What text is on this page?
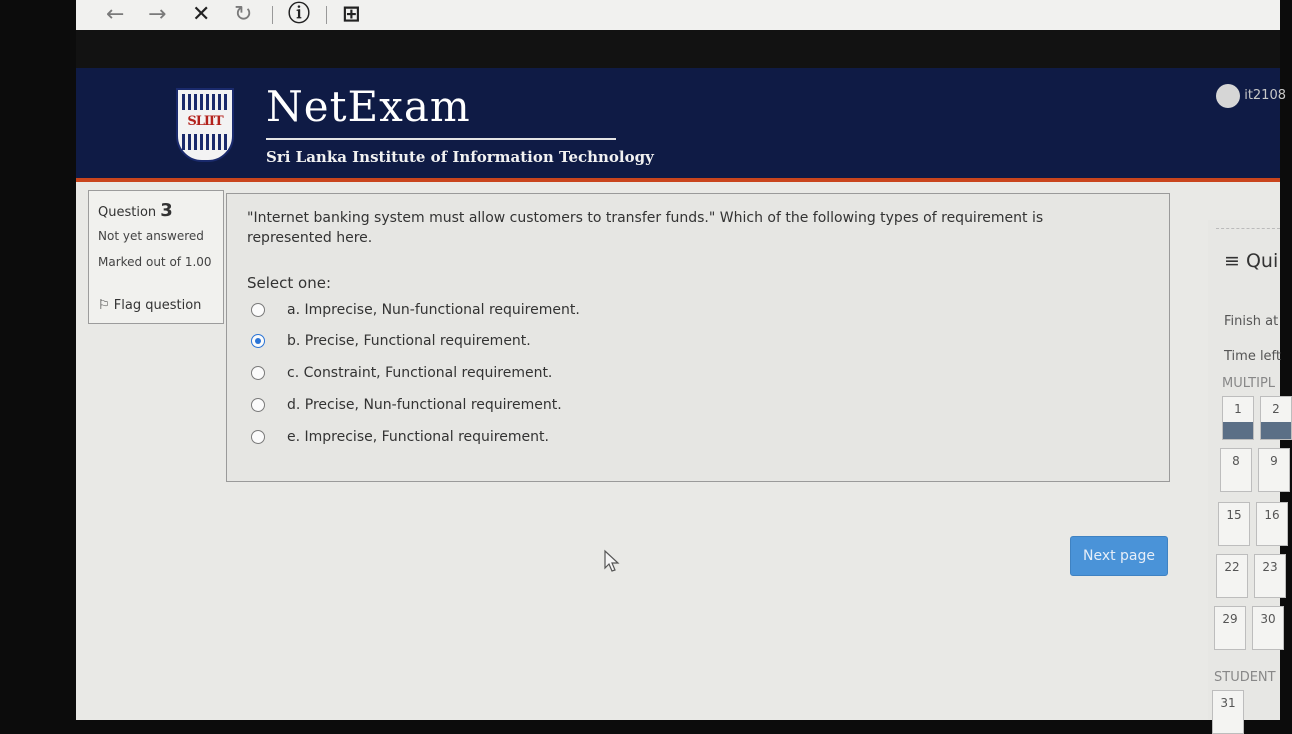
← → ✕ ↻ ⓘ ⊞
SLIIT NetExam
Sri Lanka Institute of Information Technology
it2108
Question 3
Not yet answered
Marked out of 1.00
⚐ Flag question
"Internet banking system must allow customers to transfer funds." Which of the following types of requirement is represented here.
Select one:
a. Imprecise, Nun-functional requirement.
b. Precise, Functional requirement.
c. Constraint, Functional requirement.
d. Precise, Nun-functional requirement.
e. Imprecise, Functional requirement.
Next page
≡ Qui
Finish at
Time left
MULTIPL
1	2
8	9
15	16
22	23
29	30
STUDENT
31
